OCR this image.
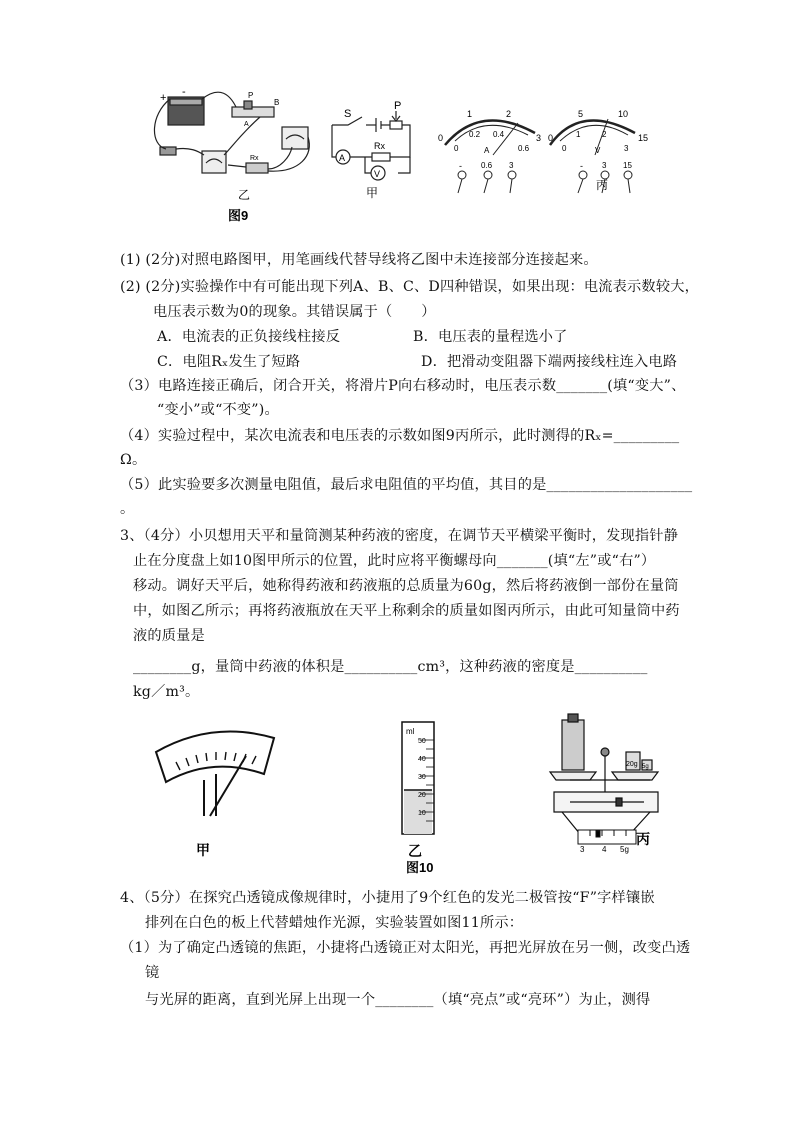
+ -	P
B
A
Rx
乙
图9
S
P
Rx
A
V
甲
0
1	2
3
0
0.2 0.4
0.6
A
- 0.6 3
0
5	10
15
0
1	2
3
V
- 3 15
丙
(1) (2分)对照电路图甲，用笔画线代替导线将乙图中未连接部分连接起来。
(2) (2分)实验操作中有可能出现下列A、B、C、D四种错误，如果出现：电流表示数较大，
电压表示数为0的现象。其错误属于（　　）
A．电流表的正负接线柱接反	B．电压表的量程选小了
C．电阻Rₓ发生了短路	D．把滑动变阻器下端两接线柱连入电路
（3）电路连接正确后，闭合开关，将滑片P向右移动时，电压表示数_______(填“变大”、
“变小”或“不变”)。
（4）实验过程中，某次电流表和电压表的示数如图9丙所示，此时测得的Rₓ=_________
Ω。
（5）此实验要多次测量电阻值，最后求电阻值的平均值，其目的是____________________
。
3、（4分）小贝想用天平和量筒测某种药液的密度，在调节天平横梁平衡时，发现指针静
止在分度盘上如10图甲所示的位置，此时应将平衡螺母向_______(填“左”或“右”）
移动。调好天平后，她称得药液和药液瓶的总质量为60g，然后将药液倒一部份在量筒
中，如图乙所示；再将药液瓶放在天平上称剩余的质量如图丙所示，由此可知量筒中药
液的质量是
________g，量筒中药液的体积是__________cm³，这种药液的密度是__________
kg／m³。
甲
ml
50
40
30
20
10
乙
图10
20g 5g
3 4 5g
丙
4、（5分）在探究凸透镜成像规律时，小捷用了9个红色的发光二极管按“F”字样镶嵌
排列在白色的板上代替蜡烛作光源，实验装置如图11所示：
（1）为了确定凸透镜的焦距，小捷将凸透镜正对太阳光，再把光屏放在另一侧，改变凸透
镜
与光屏的距离，直到光屏上出现一个________（填“亮点”或“亮环”）为止，测得
